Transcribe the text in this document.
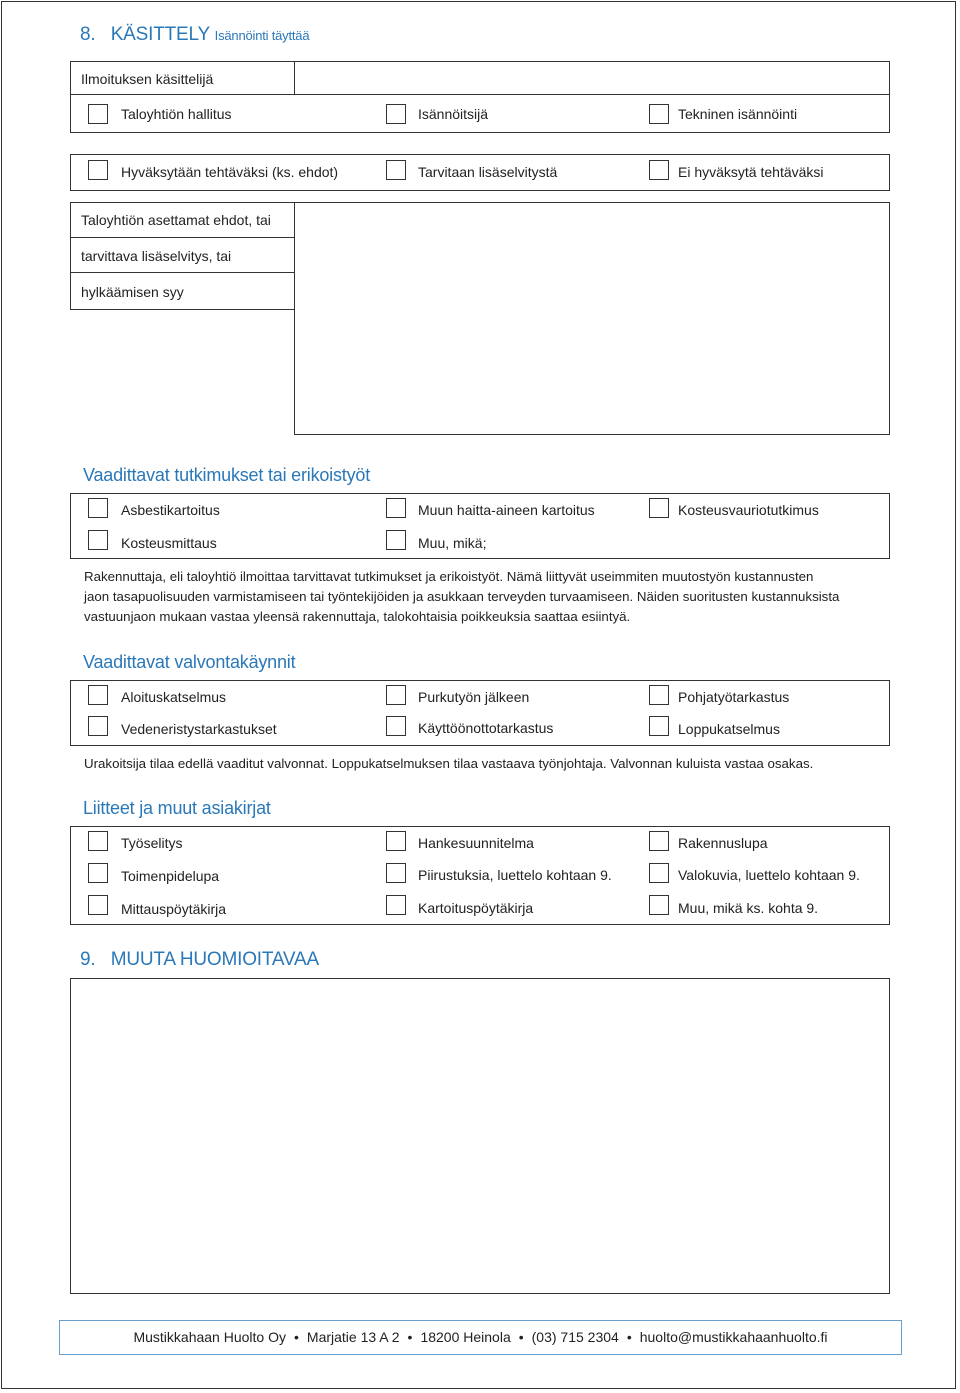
8. KÄSITTELY Isännöinti täyttää
Ilmoituksen käsittelijä
Taloyhtiön hallitus	Isännöitsijä	Tekninen isännöinti
Hyväksytään tehtäväksi (ks. ehdot)	Tarvitaan lisäselvitystä	Ei hyväksytä tehtäväksi
Taloyhtiön asettamat ehdot, tai
tarvittava lisäselvitys, tai
hylkäämisen syy
Vaadittavat tutkimukset tai erikoistyöt
Asbestikartoitus	Muun haitta-aineen kartoitus	Kosteusvauriotutkimus
Kosteusmittaus	Muu, mikä;
Rakennuttaja, eli taloyhtiö ilmoittaa tarvittavat tutkimukset ja erikoistyöt. Nämä liittyvät useimmiten muutostyön kustannusten
jaon tasapuolisuuden varmistamiseen tai työntekijöiden ja asukkaan terveyden turvaamiseen. Näiden suoritusten kustannuksista
vastuunjaon mukaan vastaa yleensä rakennuttaja, talokohtaisia poikkeuksia saattaa esiintyä.
Vaadittavat valvontakäynnit
Aloituskatselmus	Purkutyön jälkeen	Pohjatyötarkastus
Vedeneristystarkastukset	Käyttöönottotarkastus	Loppukatselmus
Urakoitsija tilaa edellä vaaditut valvonnat. Loppukatselmuksen tilaa vastaava työnjohtaja. Valvonnan kuluista vastaa osakas.
Liitteet ja muut asiakirjat
Työselitys	Hankesuunnitelma	Rakennuslupa
Toimenpidelupa	Piirustuksia, luettelo kohtaan 9.	Valokuvia, luettelo kohtaan 9.
Mittauspöytäkirja	Kartoituspöytäkirja	Muu, mikä ks. kohta 9.
9. MUUTA HUOMIOITAVAA
Mustikkahaan Huolto Oy • Marjatie 13 A 2 • 18200 Heinola • (03) 715 2304 • huolto@mustikkahaanhuolto.fi
